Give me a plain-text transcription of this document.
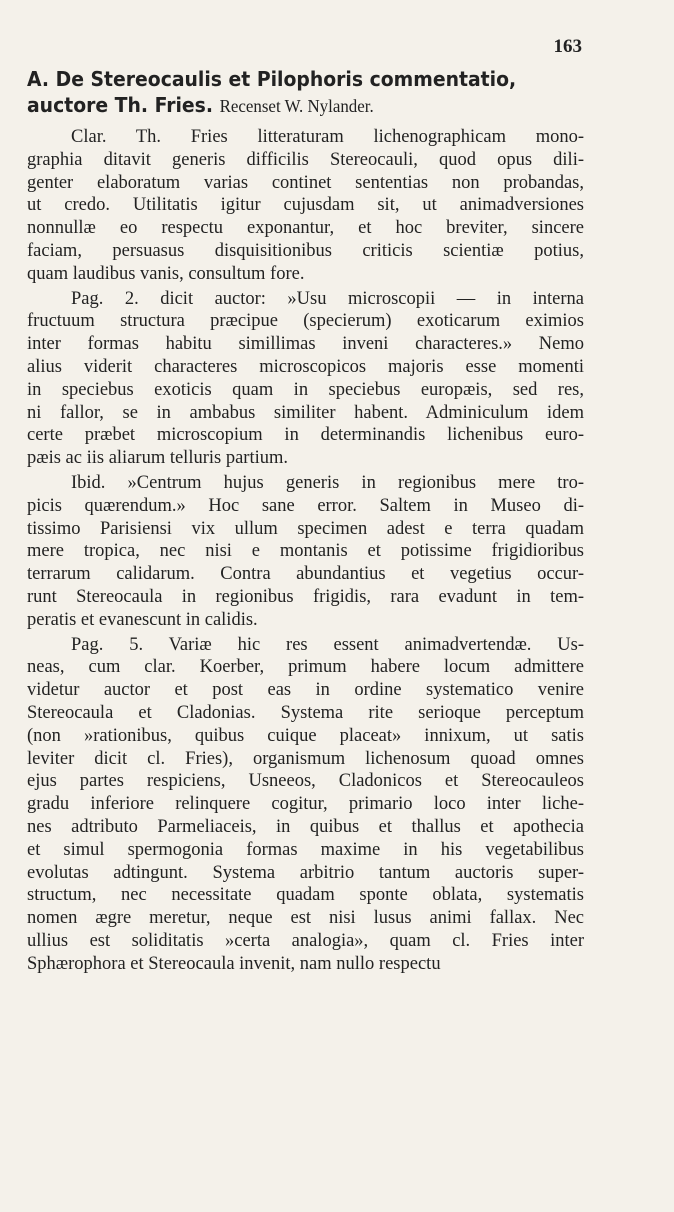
163
A. De Stereocaulis et Pilophoris commentatio, auctore Th. Fries. Recenset W. Nylander.
Clar. Th. Fries litteraturam lichenographicam mono-
graphia ditavit generis difficilis Stereocauli, quod opus dili-
genter elaboratum varias continet sententias non probandas,
ut credo. Utilitatis igitur cujusdam sit, ut animadversiones
nonnullæ eo respectu exponantur, et hoc breviter, sincere
faciam, persuasus disquisitionibus criticis scientiæ potius,
quam laudibus vanis, consultum fore.
Pag. 2. dicit auctor: »Usu microscopii — in interna
fructuum structura præcipue (specierum) exoticarum eximios
inter formas habitu simillimas inveni characteres.» Nemo
alius viderit characteres microscopicos majoris esse momenti
in speciebus exoticis quam in speciebus europæis, sed res,
ni fallor, se in ambabus similiter habent. Adminiculum idem
certe præbet microscopium in determinandis lichenibus euro-
pæis ac iis aliarum telluris partium.
Ibid. »Centrum hujus generis in regionibus mere tro-
picis quærendum.» Hoc sane error. Saltem in Museo di-
tissimo Parisiensi vix ullum specimen adest e terra quadam
mere tropica, nec nisi e montanis et potissime frigidioribus
terrarum calidarum. Contra abundantius et vegetius occur-
runt Stereocaula in regionibus frigidis, rara evadunt in tem-
peratis et evanescunt in calidis.
Pag. 5. Variæ hic res essent animadvertendæ. Us-
neas, cum clar. Koerber, primum habere locum admittere
videtur auctor et post eas in ordine systematico venire
Stereocaula et Cladonias. Systema rite serioque perceptum
(non »rationibus, quibus cuique placeat» innixum, ut satis
leviter dicit cl. Fries), organismum lichenosum quoad omnes
ejus partes respiciens, Usneeos, Cladonicos et Stereocauleos
gradu inferiore relinquere cogitur, primario loco inter liche-
nes adtributo Parmeliaceis, in quibus et thallus et apothecia
et simul spermogonia formas maxime in his vegetabilibus
evolutas adtingunt. Systema arbitrio tantum auctoris super-
structum, nec necessitate quadam sponte oblata, systematis
nomen ægre meretur, neque est nisi lusus animi fallax. Nec
ullius est soliditatis »certa analogia», quam cl. Fries inter
Sphærophora et Stereocaula invenit, nam nullo respectu
